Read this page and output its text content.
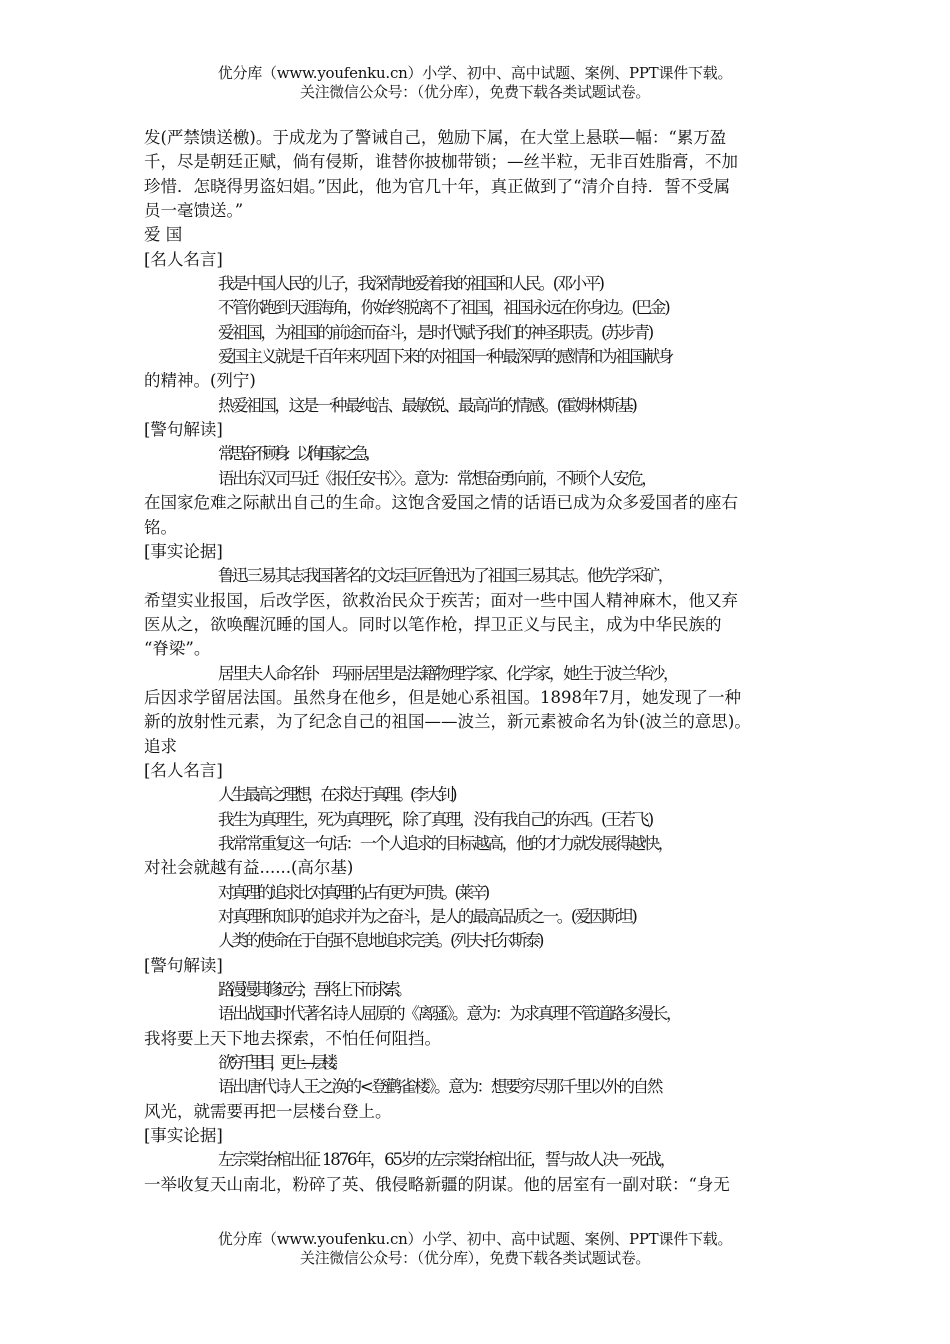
优分库（www.youfenku.cn）小学、初中、高中试题、案例、PPT课件下载。
关注微信公众号：（优分库），免费下载各类试题试卷。

发(严禁馈送檄)。于成龙为了警诫自己，勉励下属，在大堂上悬联—幅：“累万盈

千，尽是朝廷正赋，倘有侵斯，谁替你披枷带锁；—丝半粒，无非百姓脂膏，不加

珍惜．怎晓得男盗妇娼。”因此，他为官几十年，真正做到了“清介自持．誓不受属

员一毫馈送。”

爱 国

[名人名言]

我是中国人民的儿子，我深情地爱着我的祖国和人民。(邓小平)

不管你跑到天涯海角，你始终脱离不了祖国，祖国永远在你身边。(巴金)

爱祖国，为祖国的前途而奋斗，是时代赋予我们的神圣职责。(苏步青)

爱国主义就是千百年来巩固下来的对祖国一种最深厚的感情和为祖国献身

的精神。(列宁)

热爱祖国，这是一种最纯洁、最敏锐、最高尚的情感。(霍姆林斯基)

[警句解读]

常思奋不顾身．以徇国家之急。

语出东汉司马迁《报任安书〉〉。意为：常想奋勇向前，不顾个人安危，

在国家危难之际献出自己的生命。这饱含爱国之情的话语已成为众多爱国者的座右

铭。

[事实论据]

鲁迅三易其志我国著名的文坛巨匠鲁迅为了祖国三易其志。他先学采矿，

希望实业报国，后改学医，欲救治民众于疾苦；面对一些中国人精神麻木，他又弃

医从之，欲唤醒沉睡的国人。同时以笔作枪，捍卫正义与民主，成为中华民族的

“脊梁”。

居里夫人命名钋　玛丽·居里是法籍物理学家、化学家，她生于波兰华沙，

后因求学留居法国。虽然身在他乡，但是她心系祖国。1898年7月，她发现了一种

新的放射性元素，为了纪念自己的祖国——波兰，新元素被命名为钋(波兰的意思)。

追求

[名人名言]

人生最高之理想，在求达于真理。(李大钊)

我生为真理生，死为真理死，除了真理，没有我自己的东西。(王若飞)

我常常重复这一句话：一个人追求的目标越高，他的才力就发展得越快，

对社会就越有益......(高尔基)

对真理的追求比对真理的占有更为可贵。(莱辛)

对真理和知识的追求并为之奋斗，是人的最高品质之一。(爱因斯坦)

人类的使命在于自强不息地追求完美。(列夫·托尔斯泰)

[警句解读]

路漫漫其修远兮，吾将上下而求索。

语出战国时代著名诗人屈原的《离骚》。意为：为求真理不管道路多漫长，

我将要上天下地去探索，不怕任何阻挡。

欲穷千里目，更上—层楼。

语出唐代诗人王之涣的<登鹳雀楼》。意为：想要穷尽那千里以外的自然

风光，就需要再把一层楼台登上。

[事实论据]

左宗棠抬棺出征 1876年，65岁的左宗棠抬棺出征，誓与故人决一死战，

一举收复天山南北，粉碎了英、俄侵略新疆的阴谋。他的居室有一副对联：“身无

优分库（www.youfenku.cn）小学、初中、高中试题、案例、PPT课件下载。
关注微信公众号：（优分库），免费下载各类试题试卷。
